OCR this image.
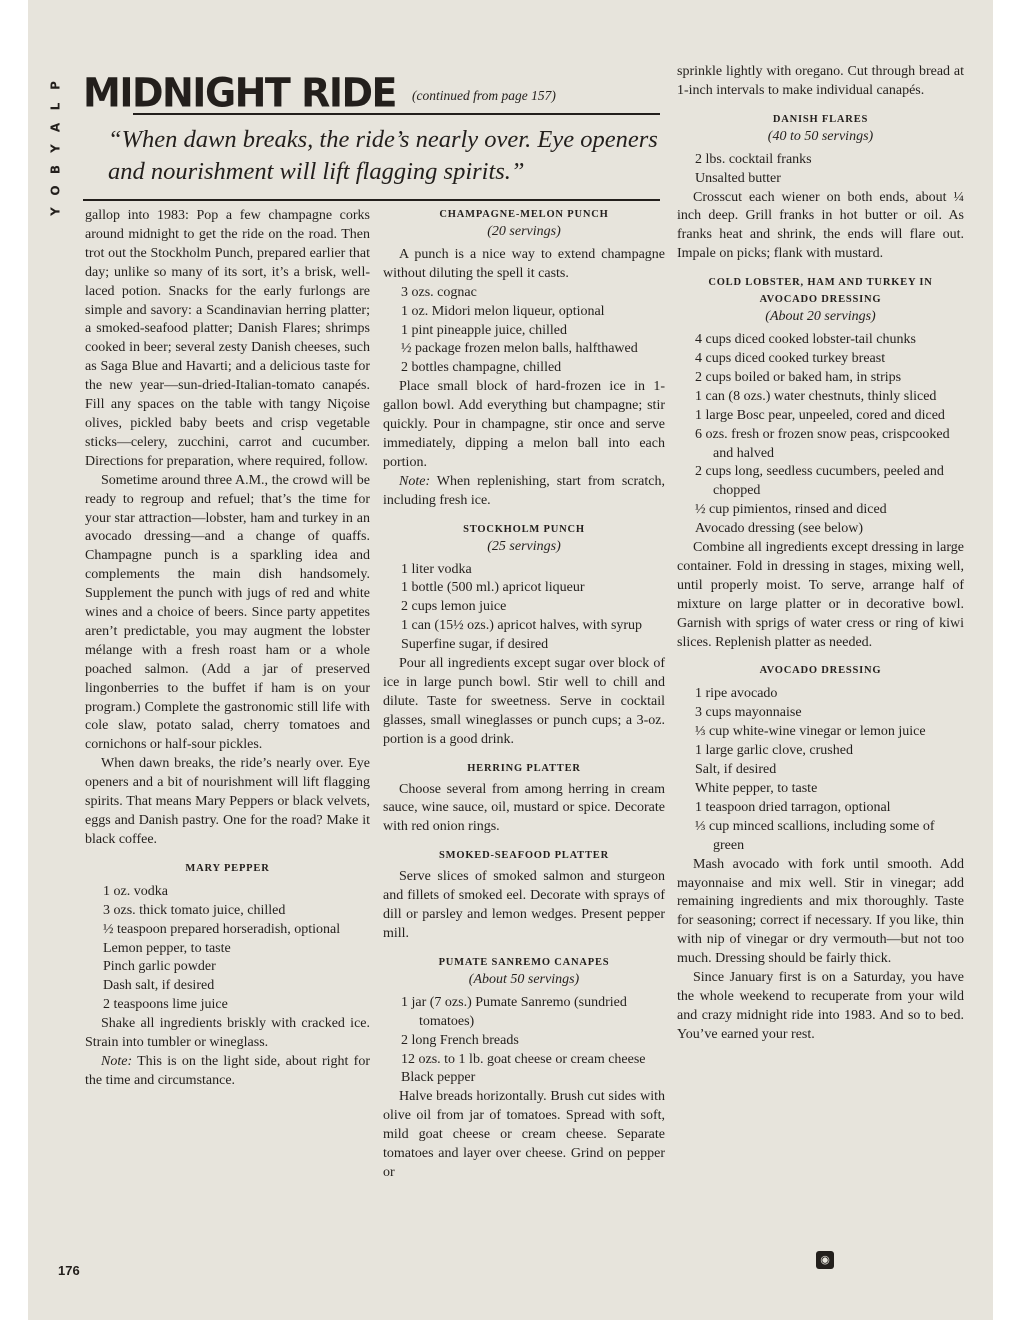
P
L
A
Y
B
O
Y
MIDNIGHT RIDE $^{(continued from page 157)}$
“When dawn breaks, the ride’s nearly over. Eye openers and nourishment will lift flagging spirits.”

gallop into 1983: Pop a few champagne corks around midnight to get the ride on the road. Then trot out the Stockholm Punch, prepared earlier that day; unlike so many of its sort, it’s a brisk, well-laced potion. Snacks for the early furlongs are simple and savory: a Scandinavian herring platter; a smoked-seafood platter; Danish Flares; shrimps cooked in beer; several zesty Danish cheeses, such as Saga Blue and Havarti; and a delicious taste for the new year—sun-dried-Italian-tomato canapés. Fill any spaces on the table with tangy Niçoise olives, pickled baby beets and crisp vegetable sticks—celery, zucchini, carrot and cucumber. Directions for preparation, where required, follow.

Sometime around three A.M., the crowd will be ready to regroup and refuel; that’s the time for your star attraction—lobster, ham and turkey in an avocado dressing—and a change of quaffs. Champagne punch is a sparkling idea and complements the main dish handsomely. Supplement the punch with jugs of red and white wines and a choice of beers. Since party appetites aren’t predictable, you may augment the lobster mélange with a fresh roast ham or a whole poached salmon. (Add a jar of preserved lingonberries to the buffet if ham is on your program.) Complete the gastronomic still life with cole slaw, potato salad, cherry tomatoes and cornichons or half-sour pickles.

When dawn breaks, the ride’s nearly over. Eye openers and a bit of nourishment will lift flagging spirits. That means Mary Peppers or black velvets, eggs and Danish pastry. One for the road? Make it black coffee.

MARY PEPPER
1 oz. vodka
3 ozs. thick tomato juice, chilled
½ teaspoon prepared horseradish, optional
Lemon pepper, to taste
Pinch garlic powder
Dash salt, if desired
2 teaspoons lime juice

Shake all ingredients briskly with cracked ice. Strain into tumbler or wineglass.

Note: This is on the light side, about right for the time and circumstance.

CHAMPAGNE-MELON PUNCH
(20 servings)

A punch is a nice way to extend champagne without diluting the spell it casts.

3 ozs. cognac
1 oz. Midori melon liqueur, optional
1 pint pineapple juice, chilled
½ package frozen melon balls, halfthawed
2 bottles champagne, chilled

Place small block of hard-frozen ice in 1-gallon bowl. Add everything but champagne; stir quickly. Pour in champagne, stir once and serve immediately, dipping a melon ball into each portion.

Note: When replenishing, start from scratch, including fresh ice.

STOCKHOLM PUNCH
(25 servings)
1 liter vodka
1 bottle (500 ml.) apricot liqueur
2 cups lemon juice
1 can (15½ ozs.) apricot halves, with syrup
Superfine sugar, if desired

Pour all ingredients except sugar over block of ice in large punch bowl. Stir well to chill and dilute. Taste for sweetness. Serve in cocktail glasses, small wineglasses or punch cups; a 3-oz. portion is a good drink.

HERRING PLATTER

Choose several from among herring in cream sauce, wine sauce, oil, mustard or spice. Decorate with red onion rings.

SMOKED-SEAFOOD PLATTER

Serve slices of smoked salmon and sturgeon and fillets of smoked eel. Decorate with sprays of dill or parsley and lemon wedges. Present pepper mill.

PUMATE SANREMO CANAPES
(About 50 servings)
1 jar (7 ozs.) Pumate Sanremo (sundried tomatoes)
2 long French breads
12 ozs. to 1 lb. goat cheese or cream cheese
Black pepper

Halve breads horizontally. Brush cut sides with olive oil from jar of tomatoes. Spread with soft, mild goat cheese or cream cheese. Separate tomatoes and layer over cheese. Grind on pepper or

sprinkle lightly with oregano. Cut through bread at 1-inch intervals to make individual canapés.

DANISH FLARES
(40 to 50 servings)
2 lbs. cocktail franks
Unsalted butter

Crosscut each wiener on both ends, about ¼ inch deep. Grill franks in hot butter or oil. As franks heat and shrink, the ends will flare out. Impale on picks; flank with mustard.

COLD LOBSTER, HAM AND TURKEY IN AVOCADO DRESSING
(About 20 servings)
4 cups diced cooked lobster-tail chunks
4 cups diced cooked turkey breast
2 cups boiled or baked ham, in strips
1 can (8 ozs.) water chestnuts, thinly sliced
1 large Bosc pear, unpeeled, cored and diced
6 ozs. fresh or frozen snow peas, crispcooked and halved
2 cups long, seedless cucumbers, peeled and chopped
½ cup pimientos, rinsed and diced
Avocado dressing (see below)

Combine all ingredients except dressing in large container. Fold in dressing in stages, mixing well, until properly moist. To serve, arrange half of mixture on large platter or in decorative bowl. Garnish with sprigs of water cress or ring of kiwi slices. Replenish platter as needed.

AVOCADO DRESSING
1 ripe avocado
3 cups mayonnaise
⅓ cup white-wine vinegar or lemon juice
1 large garlic clove, crushed
Salt, if desired
White pepper, to taste
1 teaspoon dried tarragon, optional
⅓ cup minced scallions, including some of green

Mash avocado with fork until smooth. Add mayonnaise and mix well. Stir in vinegar; add remaining ingredients and mix thoroughly. Taste for seasoning; correct if necessary. If you like, thin with nip of vinegar or dry vermouth—but not too much. Dressing should be fairly thick.

Since January first is on a Saturday, you have the whole weekend to recuperate from your wild and crazy midnight ride into 1983. And so to bed. You’ve earned your rest.

◉
176
